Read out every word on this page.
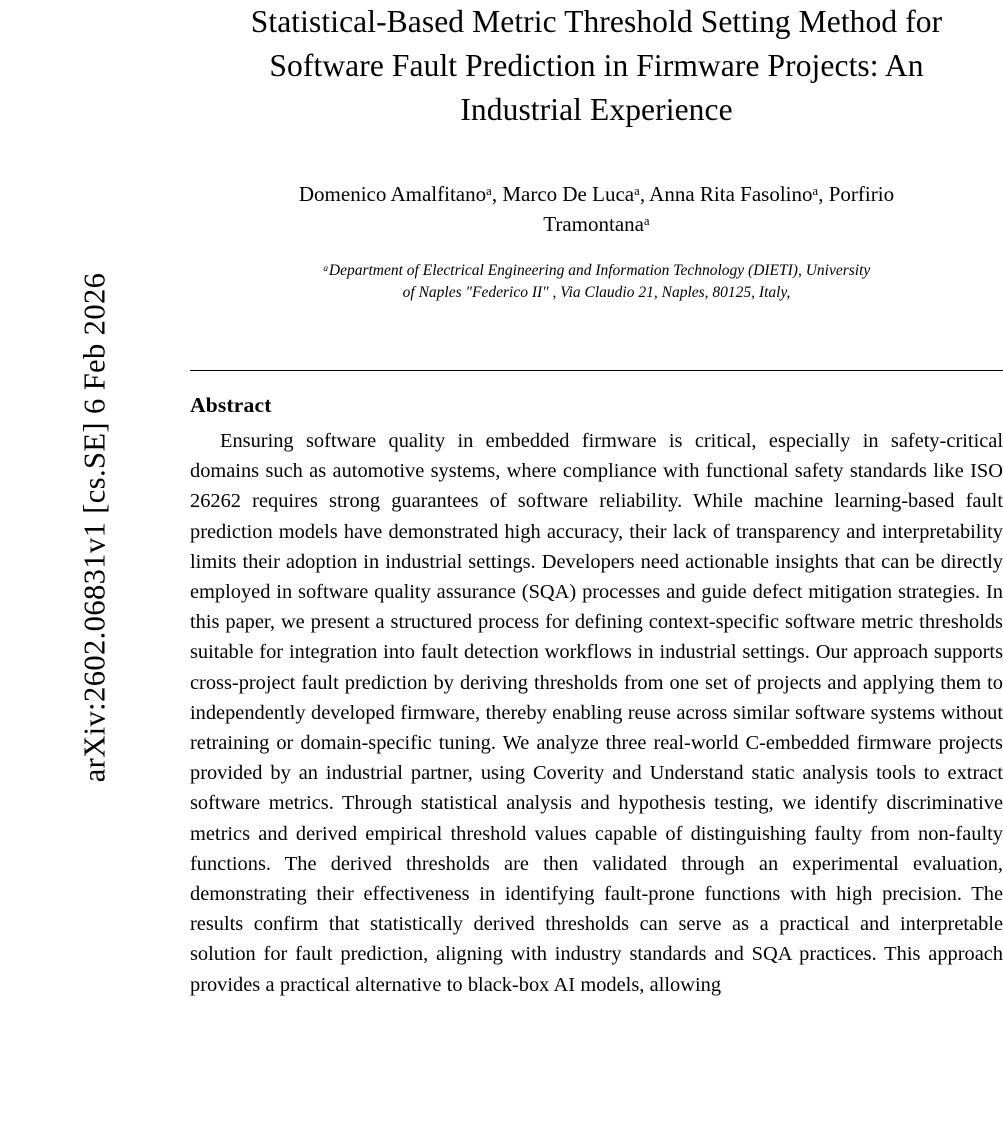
arXiv:2602.06831v1 [cs.SE] 6 Feb 2026
Statistical-Based Metric Threshold Setting Method for
Software Fault Prediction in Firmware Projects: An
Industrial Experience
Domenico Amalfitanoᵃ, Marco De Lucaᵃ, Anna Rita Fasolinoᵃ, Porfirio
Tramontanaᵃ
ᵃDepartment of Electrical Engineering and Information Technology (DIETI), University
of Naples "Federico II" , Via Claudio 21, Naples, 80125, Italy,
Abstract

Ensuring software quality in embedded firmware is critical, especially in safety-critical domains such as automotive systems, where compliance with functional safety standards like ISO 26262 requires strong guarantees of software reliability. While machine learning-based fault prediction models have demonstrated high accuracy, their lack of transparency and interpretability limits their adoption in industrial settings. Developers need actionable insights that can be directly employed in software quality assurance (SQA) processes and guide defect mitigation strategies. In this paper, we present a structured process for defining context-specific software metric thresholds suitable for integration into fault detection workflows in industrial settings. Our approach supports cross-project fault prediction by deriving thresholds from one set of projects and applying them to independently developed firmware, thereby enabling reuse across similar software systems without retraining or domain-specific tuning. We analyze three real-world C-embedded firmware projects provided by an industrial partner, using Coverity and Understand static analysis tools to extract software metrics. Through statistical analysis and hypothesis testing, we identify discriminative metrics and derived empirical threshold values capable of distinguishing faulty from non-faulty functions. The derived thresholds are then validated through an experimental evaluation, demonstrating their effectiveness in identifying fault-prone functions with high precision. The results confirm that statistically derived thresholds can serve as a practical and interpretable solution for fault prediction, aligning with industry standards and SQA practices. This approach provides a practical alternative to black-box AI models, allowing
